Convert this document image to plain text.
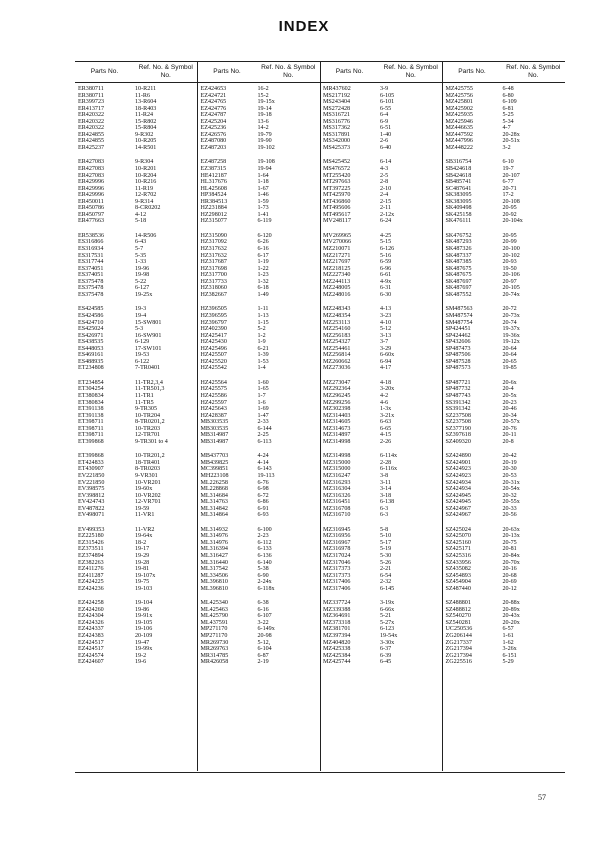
INDEX
Parts No.	Ref. No. & Symbol No.	Parts No.	Ref. No. & Symbol No.	Parts No.	Ref. No. & Symbol No.	Parts No.	Ref. No. & Symbol No.
ER380711	10-R211	EZ424653	16-2	MR437602	3-9	MZ425755	6-48
ER380711	11-R6	EZ424721	15-2	MS217192	6-105	MZ425756	6-80
ER399723	13-R604	EZ424765	19-15x	MS243404	6-101	MZ425801	6-109
ER413717	18-R403	EZ424776	19-14	MS272428	6-55	MZ425902	6-81
ER420322	11-R24	EZ424787	19-18	MS316721	6-4	MZ425935	5-25
ER420322	15-R802	EZ425204	13-6	MS316776	6-9	MZ425946	5-34
ER420322	15-R804	EZ425236	14-2	MS317362	6-51	MZ446635	4-7
ER424855	9-R302	EZ426576	19-79	MS317891	1-40	MZ447592	20-28x
ER424855	10-R205	EZ487080	19-90	MS342000	2-6	MZ447996	20-51x
ER425237	14-R501	EZ487203	19-102	MS425373	6-40	MZ448222	3-2

ER427083	9-R304	EZ487258	19-108	MS425452	6-14	SB316754	6-10
ER427083	10-R201	EZ387315	19-94	MS476572	4-3	SB424618	19-7
ER427083	10-R204	HE412187	1-64	MT255420	2-5	SB424618	20-107
ER429996	10-R216	HL317676	1-18	MT297663	2-8	SB485741	6-77
ER429996	11-R19	HL425608	1-67	MT397225	2-10	SC487641	20-71
ER429996	12-R702	HP384524	1-46	MT425970	2-4	SK383095	17-2
ER450011	9-R314	HR384513	1-59	MT436860	2-15	SK383095	20-108
ER450786	8-CR0202	HZ231884	1-73	MT495606	2-11	SK409498	20-95
ER450797	4-12	HZ298012	1-41	MT495617	2-12x	SK425158	20-92
ER477663	5-18	HZ315077	6-119	MV248117	6-24	SK476111	20-104x

ER538536	14-R506	HZ315090	6-120	MV269965	4-25	SK476752	20-95
ES316866	6-43	HZ317092	6-26	MV270066	5-15	SK487293	20-99
ES316934	5-7	HZ317632	6-16	MZ210071	6-126	SK487326	20-100
ES317531	5-35	HZ317632	6-17	MZ217271	5-16	SK487337	20-102
ES317744	1-33	HZ317687	1-19	MZ217697	6-59	SK487385	20-93
ES374051	19-96	HZ317698	1-22	MZ218125	6-96	SK487675	19-50
ES374051	19-98	HZ317700	1-23	MZ227340	6-61	SK487675	20-106
ES375478	5-22	HZ317733	1-32	MZ244113	4-9x	SK487697	20-97
ES375478	6-127	HZ318060	6-18	MZ248005	6-31	SK487697	20-105
ES375478	19-25x	HZ382667	1-49	MZ248016	6-30	SK487552	20-74x

ES424585	19-3	HZ396505	1-11	MZ248343	4-13	SM487563	20-72
ES424586	19-4	HZ396595	1-13	MZ248354	3-23	SM487574	20-73x
ES424710	15-SW801	HZ396797	1-15	MZ253113	4-10	SM487754	20-74
ES425024	5-3	HZ402390	5-2	MZ254160	5-12	SP424451	19-37x
ES426971	16-SW901	HZ425417	1-2	MZ256183	3-13	SP424462	19-36x
ES438535	6-129	HZ425430	1-9	MZ254327	3-7	SP432606	19-12x
ES448053	17-SW101	HZ425496	6-21	MZ254461	3-29	SP487473	20-64
ES469161	19-53	HZ425507	1-39	MZ256814	6-60x	SP487506	20-64
ES488935	6-122	HZ425520	1-53	MZ260662	6-94	SP487528	20-65
ET234808	7-TR0401	HZ425542	1-4	MZ273036	4-17	SP487573	19-85

ET234854	11-TR2,3,4	HZ425564	1-60	MZ273047	4-18	SP487721	20-6x
ET304254	11-TR501,3	HZ425575	1-65	MZ292364	3-20x	SP487732	20-4
ET380834	11-TR1	HZ425586	1-7	MZ296245	4-2	SP487743	20-5x
ET380834	11-TR5	HZ425597	1-6	MZ299256	4-6	SS391342	20-23
ET391138	9-TR305	HZ425643	1-69	MZ302398	1-3x	SS391342	20-46
ET391138	10-TR204	HZ428387	1-47	MZ314403	3-21x	SZ237508	20-34
ET398711	8-TR0201,2	MB303535	2-33	MZ314605	6-63	SZ237508	20-57x
ET398711	10-TR203	MB303535	6-144	MZ314673	6-65	SZ377190	20-76
ET398711	12-TR701	MB314987	2-25	MZ314897	4-15	SZ397618	20-11
ET399868	9-TR301 to 4	MB314987	6-113	MZ314998	2-26	SZ409320	20-8

ET399868	10-TR201,2	MB437703	4-24	MZ314998	6-114x	SZ424890	20-42
ET424833	18-TR401	MB439825	4-14	MZ315000	2-28	SZ424901	20-19
ET430907	8-TR0203	MC399851	6-143	MZ315000	6-116x	SZ424923	20-30
EV221850	9-VR301	MH223108	19-113	MZ316247	3-8	SZ424923	20-53
EV221850	10-VR201	ML226258	6-76	MZ316293	3-11	SZ424934	20-31x
EV398575	19-60x	ML228868	6-98	MZ316304	3-14	SZ424934	20-54x
EV398812	10-VR202	ML314684	6-72	MZ316326	3-18	SZ424945	20-32
EV424743	12-VR701	ML314763	6-86	MZ316451	6-138	SZ424945	20-55x
EV487822	19-59	ML314842	6-91	MZ316708	6-3	SZ424967	20-33
EV498071	11-VR1	ML314864	6-93	MZ316710	6-3	SZ424967	20-56

EV499353	11-VR2	ML314932	6-100	MZ316945	5-8	SZ425024	20-63x
EZ225180	19-64x	ML314976	2-23	MZ316956	5-10	SZ425070	20-13x
EZ315426	18-2	ML314976	6-112	MZ316967	5-17	SZ425160	20-75
EZ373511	19-17	ML316394	6-133	MZ316978	5-19	SZ425171	20-81
EZ374894	19-29	ML316427	6-136	MZ317024	5-30	SZ425316	20-84x
EZ382263	19-28	ML316440	6-140	MZ317046	5-26	SZ433956	20-70x
EZ411276	19-81	ML317542	5-38	MZ317373	2-21	SZ435082	20-16
EZ411287	19-107x	ML334506	6-90	MZ317373	6-54	SZ454893	20-68
EZ424225	19-75	ML396810	2-24x	MZ317406	2-32	SZ454904	20-69
EZ424236	19-103	ML396810	6-118x	MZ317406	6-145	SZ487440	20-12

EZ424258	19-104	ML425340	6-38	MZ337724	3-19x	SZ488801	20-88x
EZ424260	19-86	ML425463	6-16	MZ339388	6-66x	SZ488812	20-89x
EZ424304	19-91x	ML425790	6-107	MZ364691	5-21	SZ540270	20-43x
EZ424326	19-105	ML437591	3-22	MZ373318	5-27x	SZ540281	20-20x
EZ424337	19-106	MP271170	6-149x	MZ381701	6-123	UC250536	6-57
EZ424383	20-109	MP271170	20-98	MZ397394	19-54x	ZG206144	1-61
EZ424517	19-47	MR269730	5-12,	MZ404820	3-30x	ZG217337	1-62
EZ424517	19-99x	MR269763	6-104	MZ425338	6-37	ZG217394	3-26x
EZ424574	19-2	MR314785	6-87	MZ425384	6-39	ZG217394	6-151
EZ424607	19-6	MR426058	2-19	MZ425744	6-45	ZG225516	5-29
57
